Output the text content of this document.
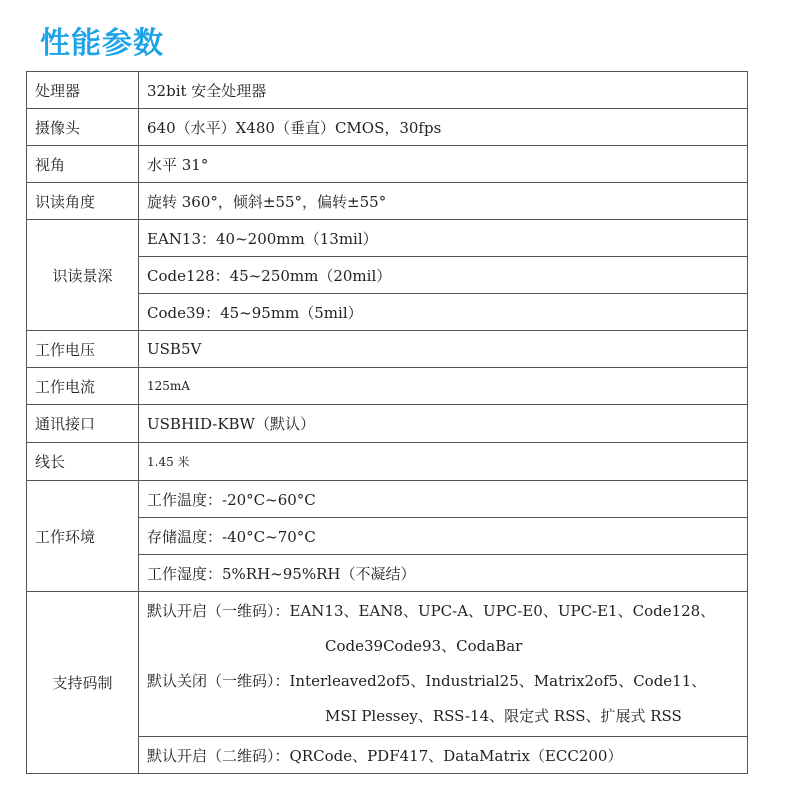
性能参数
处理器	32bit 安全处理器
摄像头	640（水平）X480（垂直）CMOS，30fps
视角	水平 31°
识读角度	旋转 360°，倾斜±55°，偏转±55°
识读景深	EAN13：40~200mm（13mil）
	Code128：45~250mm（20mil）
	Code39：45~95mm（5mil）
工作电压	USB5V
工作电流	125mA
通讯接口	USBHID-KBW（默认）
线长	1.45 米
工作环境	工作温度：-20°C~60°C
	存储温度：-40°C~70°C
	工作湿度：5%RH~95%RH（不凝结）
支持码制	默认开启（一维码）：EAN13、EAN8、UPC-A、UPC-E0、UPC-E1、Code128、
Code39Code93、CodaBar
默认关闭（一维码）：Interleaved2of5、Industrial25、Matrix2of5、Code11、
MSI Plessey、RSS-14、限定式 RSS、扩展式 RSS

	默认开启（二维码）：QRCode、PDF417、DataMatrix（ECC200）
